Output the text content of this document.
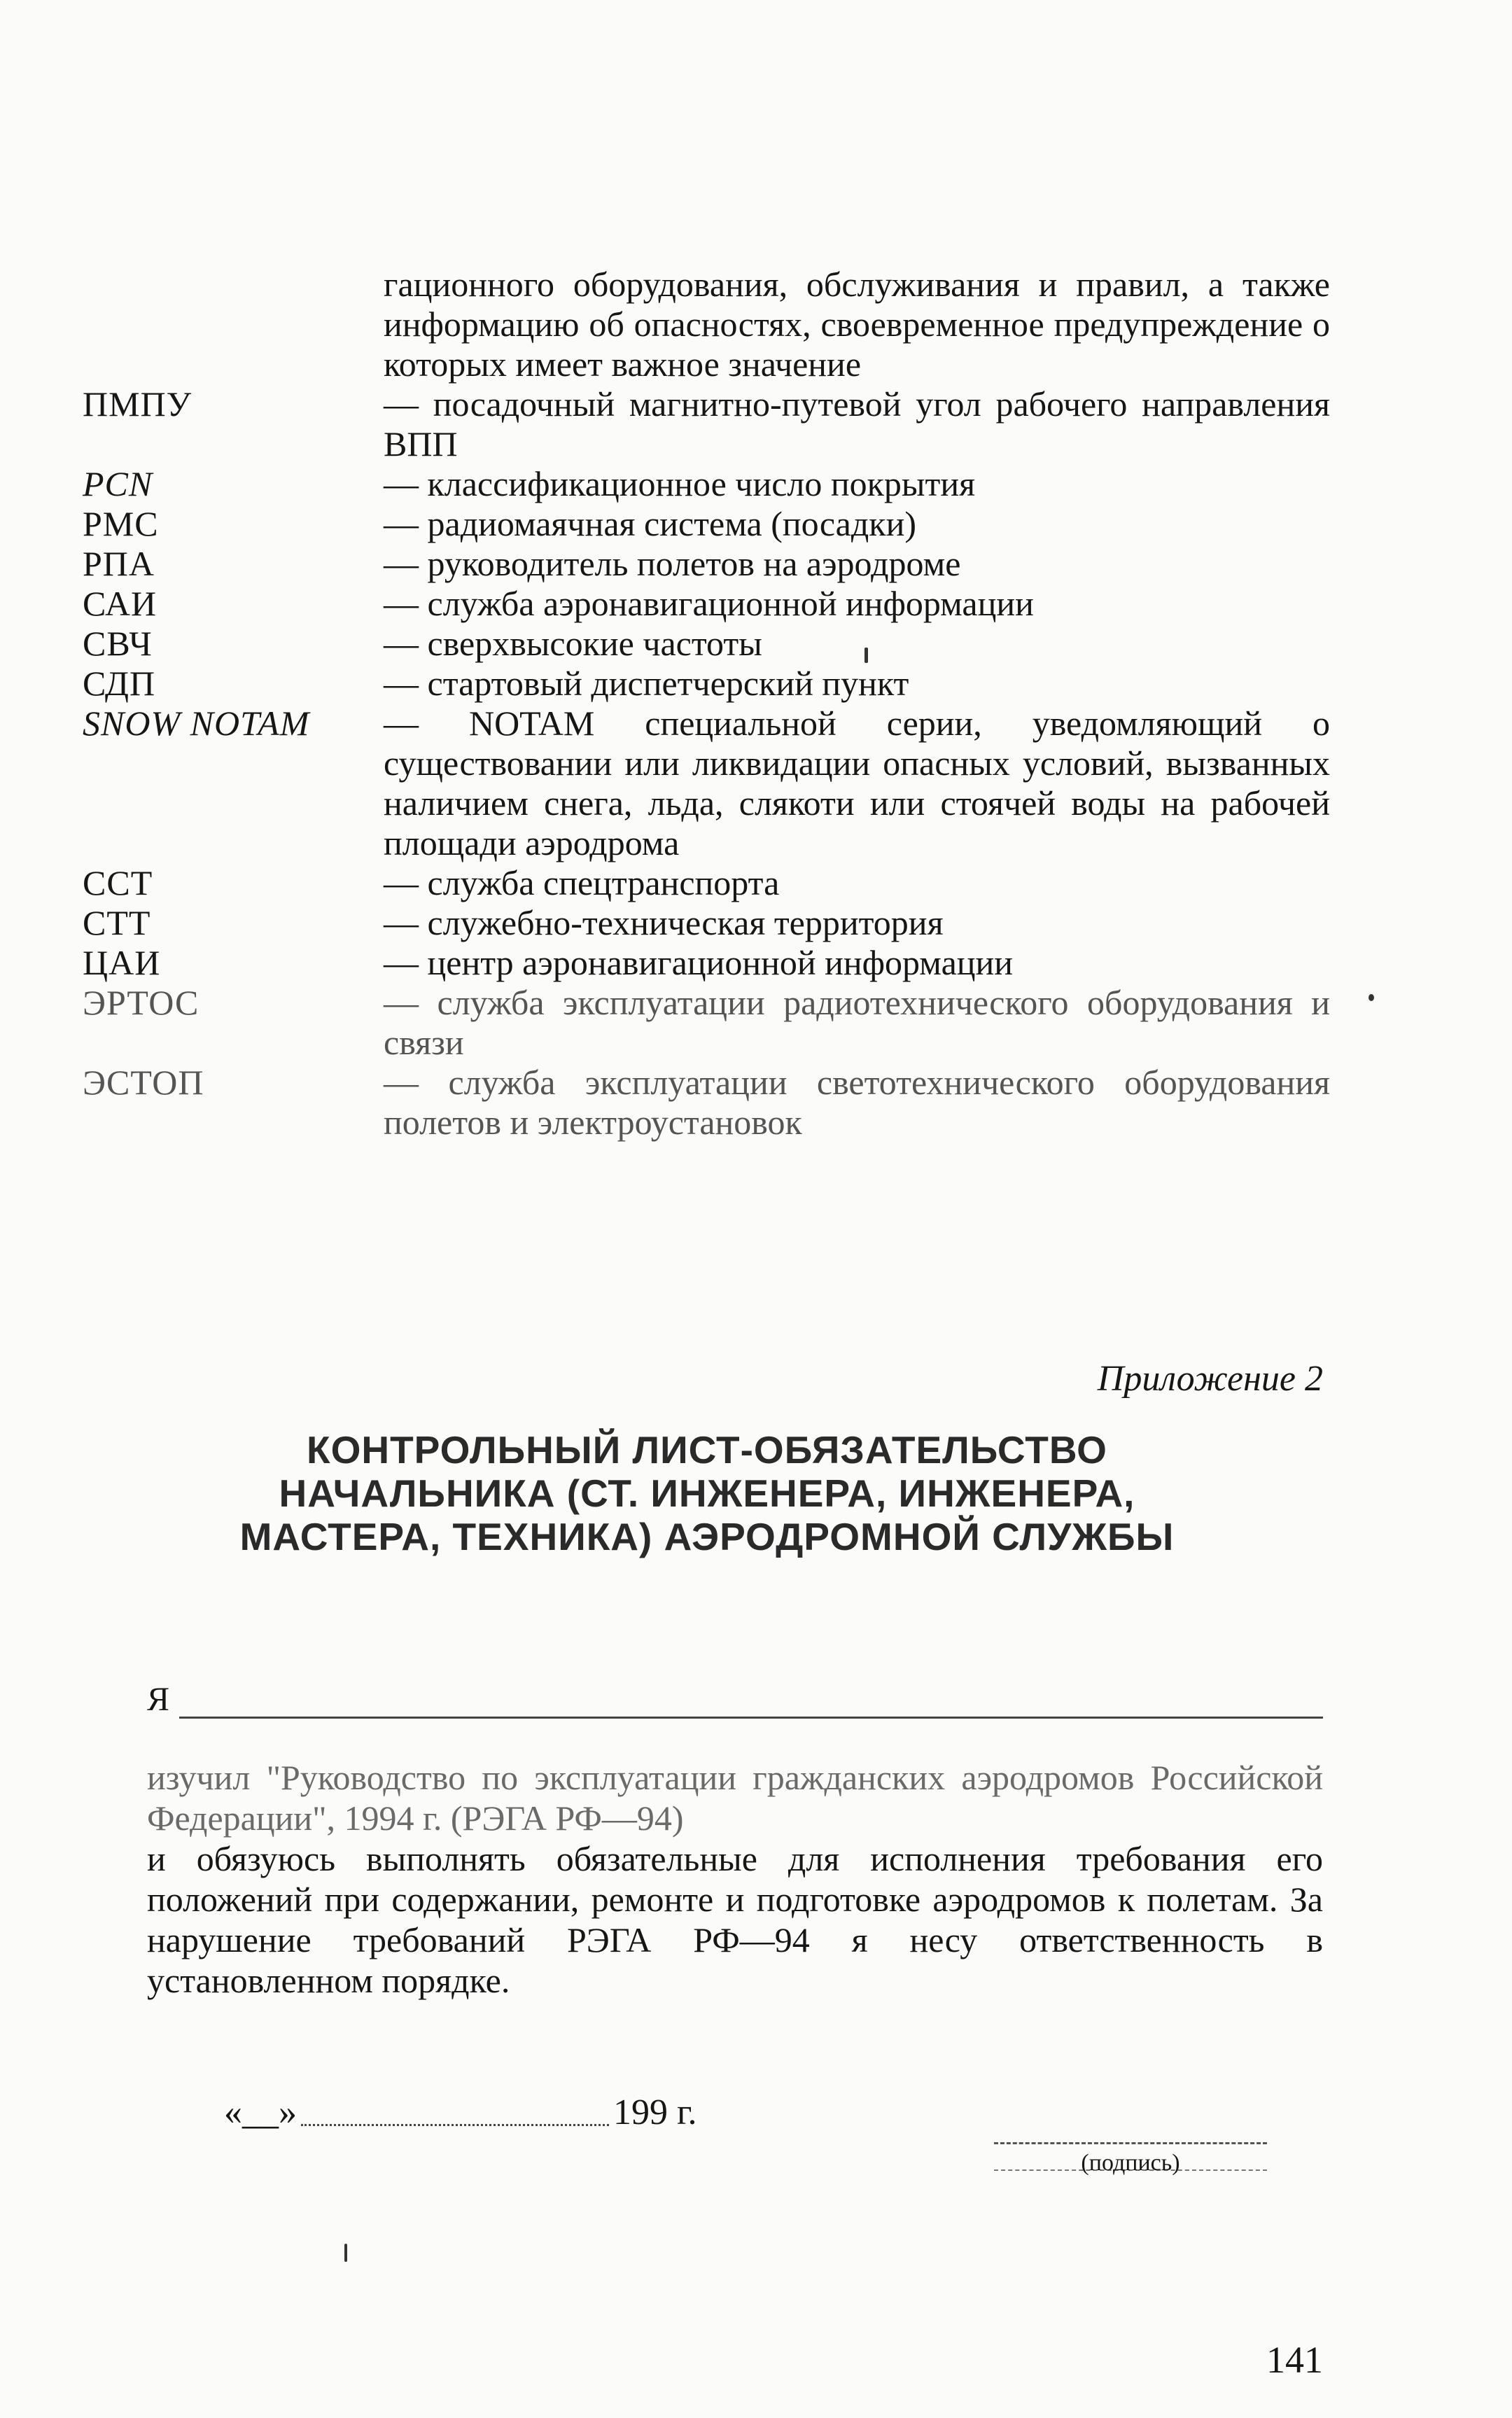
гационного оборудования, обслуживания и правил, а также информацию об опасностях, своевременное предупреждение о которых имеет важное значение
ПМПУ	— посадочный магнитно-путевой угол рабочего направления ВПП
PCN	— классификационное число покрытия
РМС	— радиомаячная система (посадки)
РПА	— руководитель полетов на аэродроме
САИ	— служба аэронавигационной информации
СВЧ	— сверхвысокие частоты
СДП	— стартовый диспетчерский пункт
SNOW NOTAM	— NOTAM специальной серии, уведомляющий о существовании или ликвидации опасных условий, вызванных наличием снега, льда, слякоти или стоячей воды на рабочей площади аэродрома
ССТ	— служба спецтранспорта
СТТ	— служебно-техническая территория
ЦАИ	— центр аэронавигационной информации
ЭРТОС	— служба эксплуатации радиотехнического оборудования и связи
ЭСТОП	— служба эксплуатации светотехнического оборудования полетов и электроустановок
Приложение 2
КОНТРОЛЬНЫЙ ЛИСТ-ОБЯЗАТЕЛЬСТВО НАЧАЛЬНИКА (СТ. ИНЖЕНЕРА, ИНЖЕНЕРА, МАСТЕРА, ТЕХНИКА) АЭРОДРОМНОЙ СЛУЖБЫ
Я

изучил "Руководство по эксплуатации гражданских аэродромов Российской Федерации", 1994 г. (РЭГА РФ—94)

и обязуюсь выполнять обязательные для исполнения требования его положений при содержании, ремонте и подготовке аэродромов к полетам. За нарушение требований РЭГА РФ—94 я несу ответственность в установленном порядке.

«__»	199 г.
(подпись)
141
